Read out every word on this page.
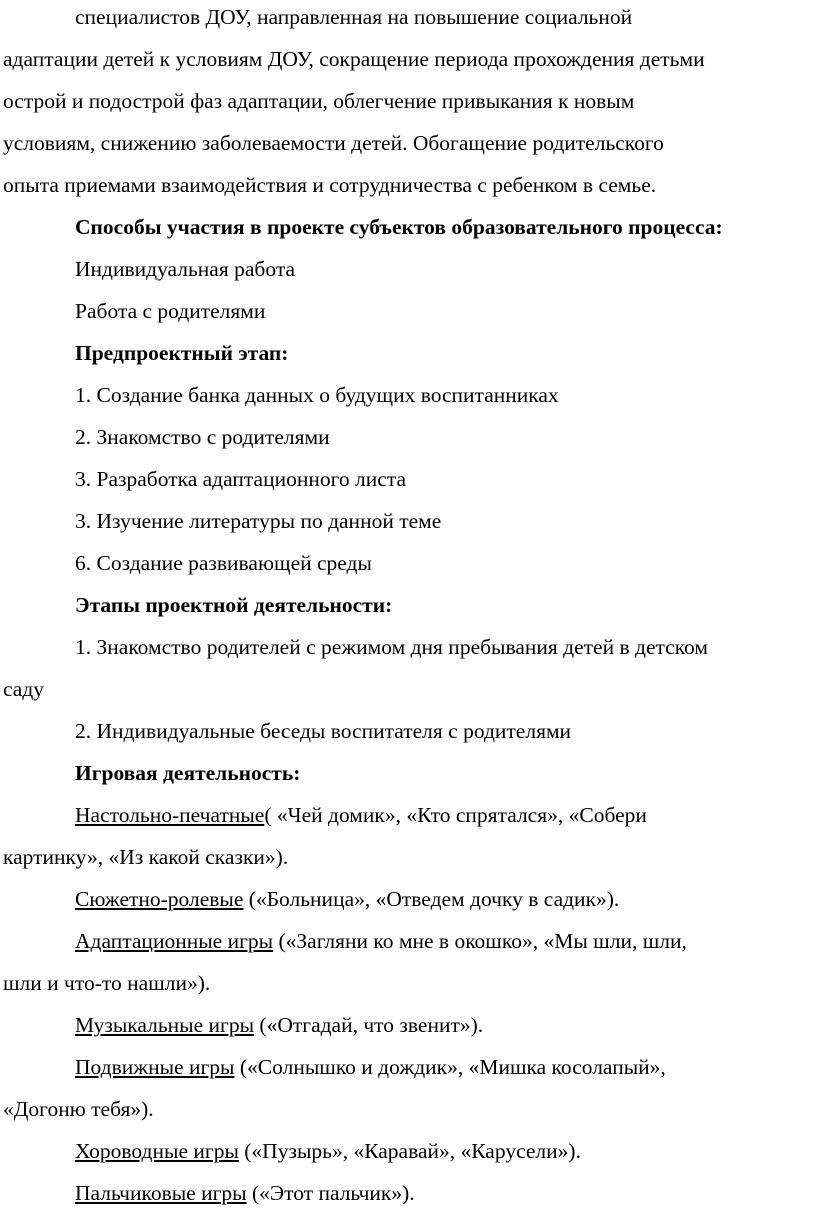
специалистов ДОУ, направленная на повышение социальной

адаптации детей к условиям ДОУ, сокращение периода прохождения детьми

острой и подострой фаз адаптации, облегчение привыкания к новым

условиям, снижению заболеваемости детей. Обогащение родительского

опыта приемами взаимодействия и сотрудничества с ребенком в семье.

Способы участия в проекте субъектов образовательного процесса:

Индивидуальная работа

Работа с родителями

Предпроектный этап:

1. Создание банка данных о будущих воспитанниках

2. Знакомство с родителями

3. Разработка адаптационного листа

3. Изучение литературы по данной теме

6. Создание развивающей среды

Этапы проектной деятельности:

1. Знакомство родителей с режимом дня пребывания детей в детском

саду

2. Индивидуальные беседы воспитателя с родителями

Игровая деятельность:

Настольно-печатные( «Чей домик», «Кто спрятался», «Собери

картинку», «Из какой сказки»).

Сюжетно-ролевые («Больница», «Отведем дочку в садик»).

Адаптационные игры («Загляни ко мне в окошко», «Мы шли, шли,

шли и что-то нашли»).

Музыкальные игры («Отгадай, что звенит»).

Подвижные игры («Солнышко и дождик», «Мишка косолапый»,

«Догоню тебя»).

Хороводные игры («Пузырь», «Каравай», «Карусели»).

Пальчиковые игры («Этот пальчик»).
